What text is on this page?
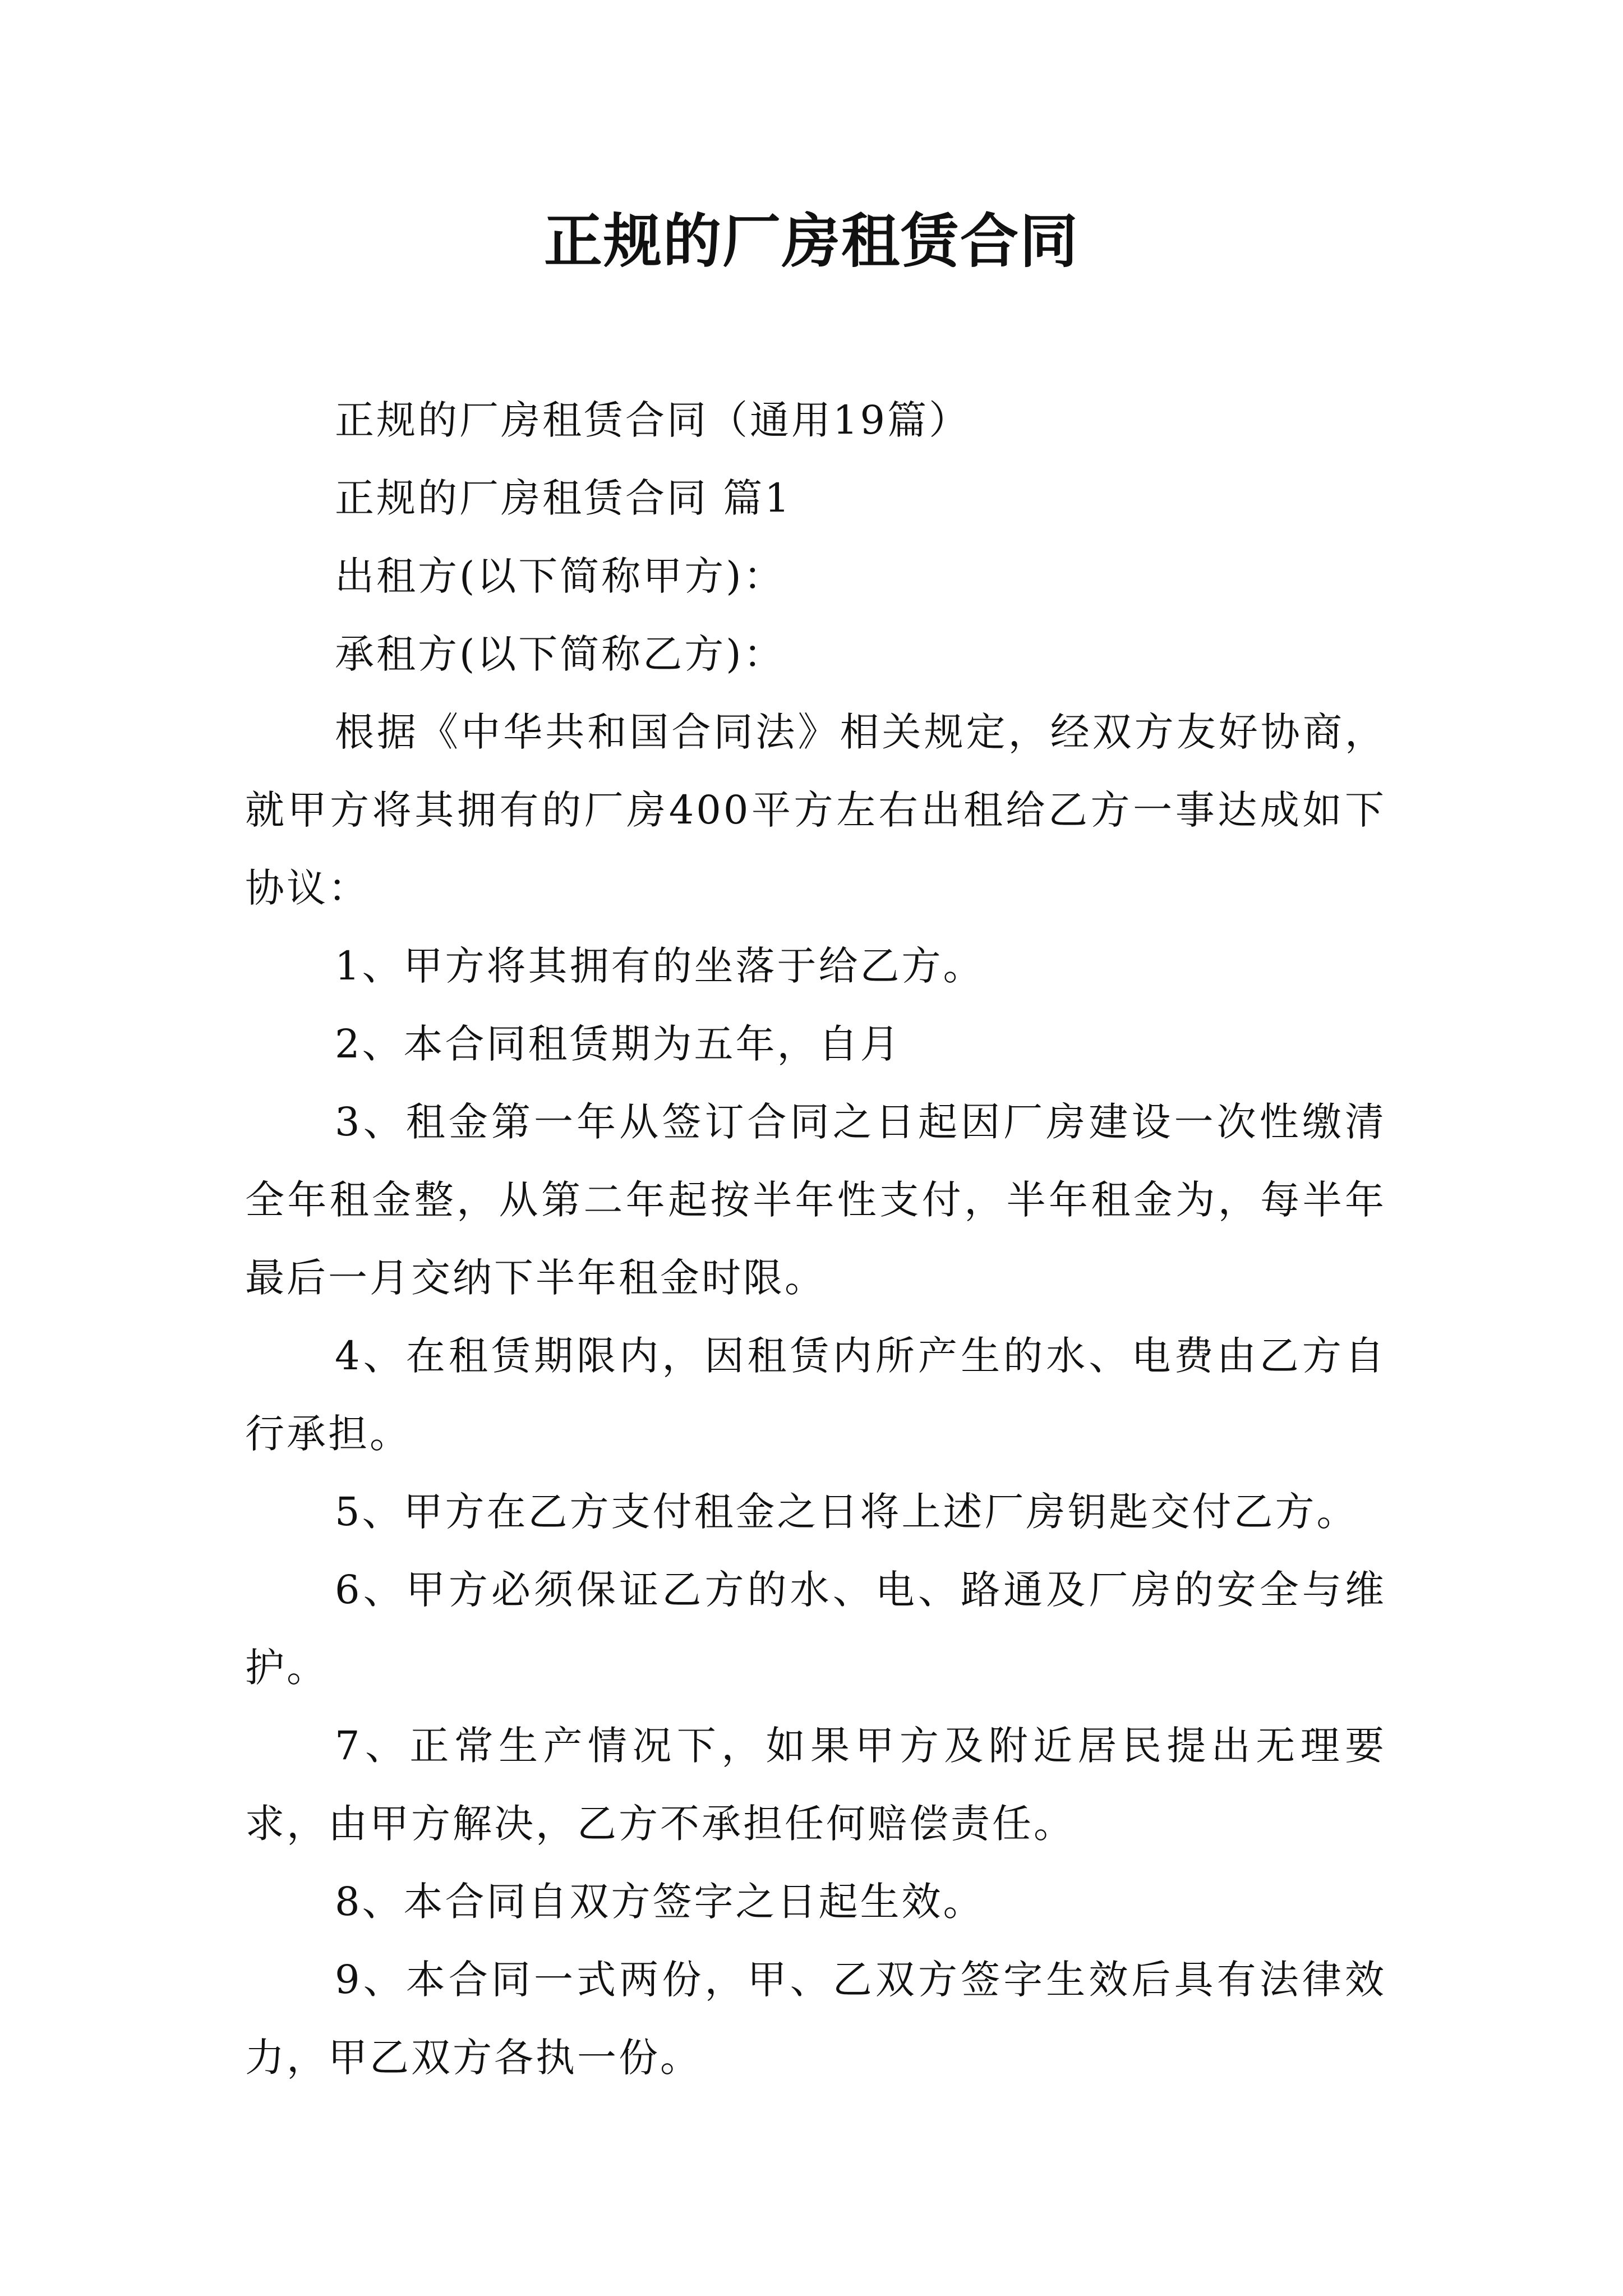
正规的厂房租赁合同

正规的厂房租赁合同（通用19篇）

正规的厂房租赁合同 篇1

出租方(以下简称甲方)：

承租方(以下简称乙方)：

根据《中华共和国合同法》相关规定，经双方友好协商，就甲方将其拥有的厂房400平方左右出租给乙方一事达成如下协议：

1、甲方将其拥有的坐落于给乙方。

2、本合同租赁期为五年，自月

3、租金第一年从签订合同之日起因厂房建设一次性缴清全年租金整，从第二年起按半年性支付，半年租金为，每半年最后一月交纳下半年租金时限。

4、在租赁期限内，因租赁内所产生的水、电费由乙方自行承担。

5、甲方在乙方支付租金之日将上述厂房钥匙交付乙方。

6、甲方必须保证乙方的水、电、路通及厂房的安全与维护。

7、正常生产情况下，如果甲方及附近居民提出无理要求，由甲方解决，乙方不承担任何赔偿责任。

8、本合同自双方签字之日起生效。

9、本合同一式两份，甲、乙双方签字生效后具有法律效力，甲乙双方各执一份。
